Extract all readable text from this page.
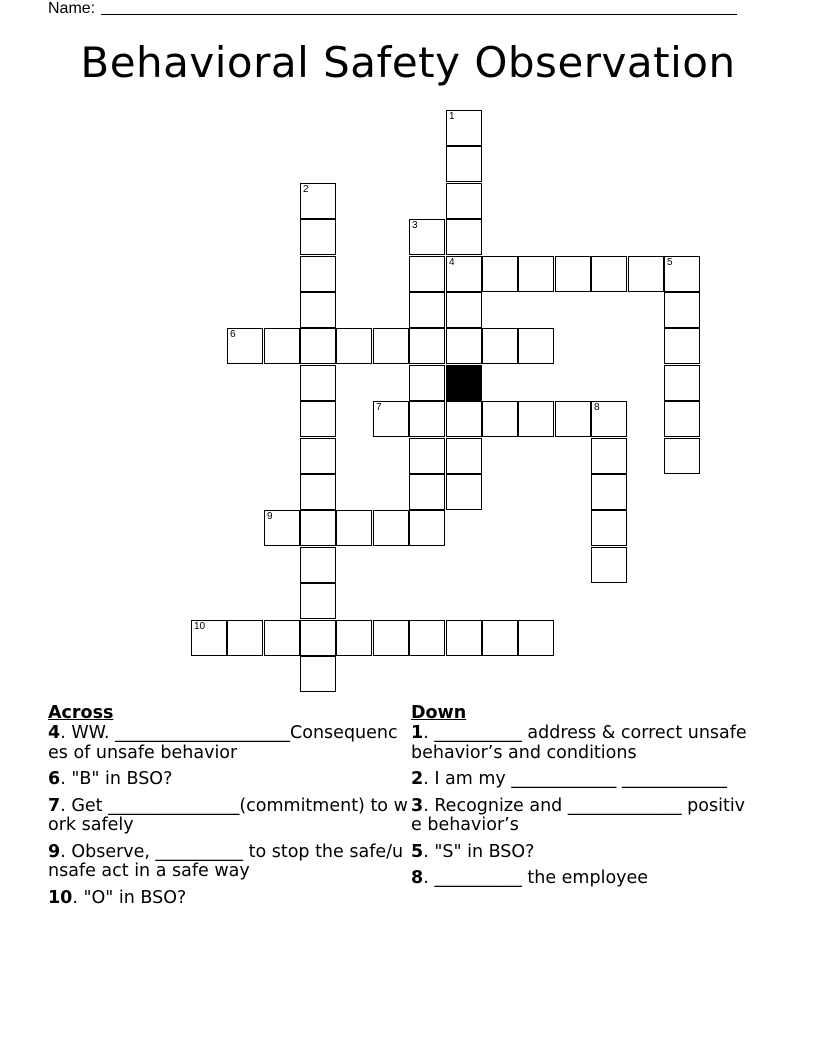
Name:
Behavioral Safety Observation
1
4	5
2
3
6
7	8
9
10
Across
4. WW. ____________________Consequences of unsafe behavior
6. "B" in BSO?
7. Get _______________(commitment) to work safely
9. Observe, __________ to stop the safe/unsafe act in a safe way
10. "O" in BSO?
Down
1. __________ address & correct unsafe behavior’s and conditions
2. I am my ____________ ____________
3. Recognize and _____________ positive behavior’s
5. "S" in BSO?
8. __________ the employee
